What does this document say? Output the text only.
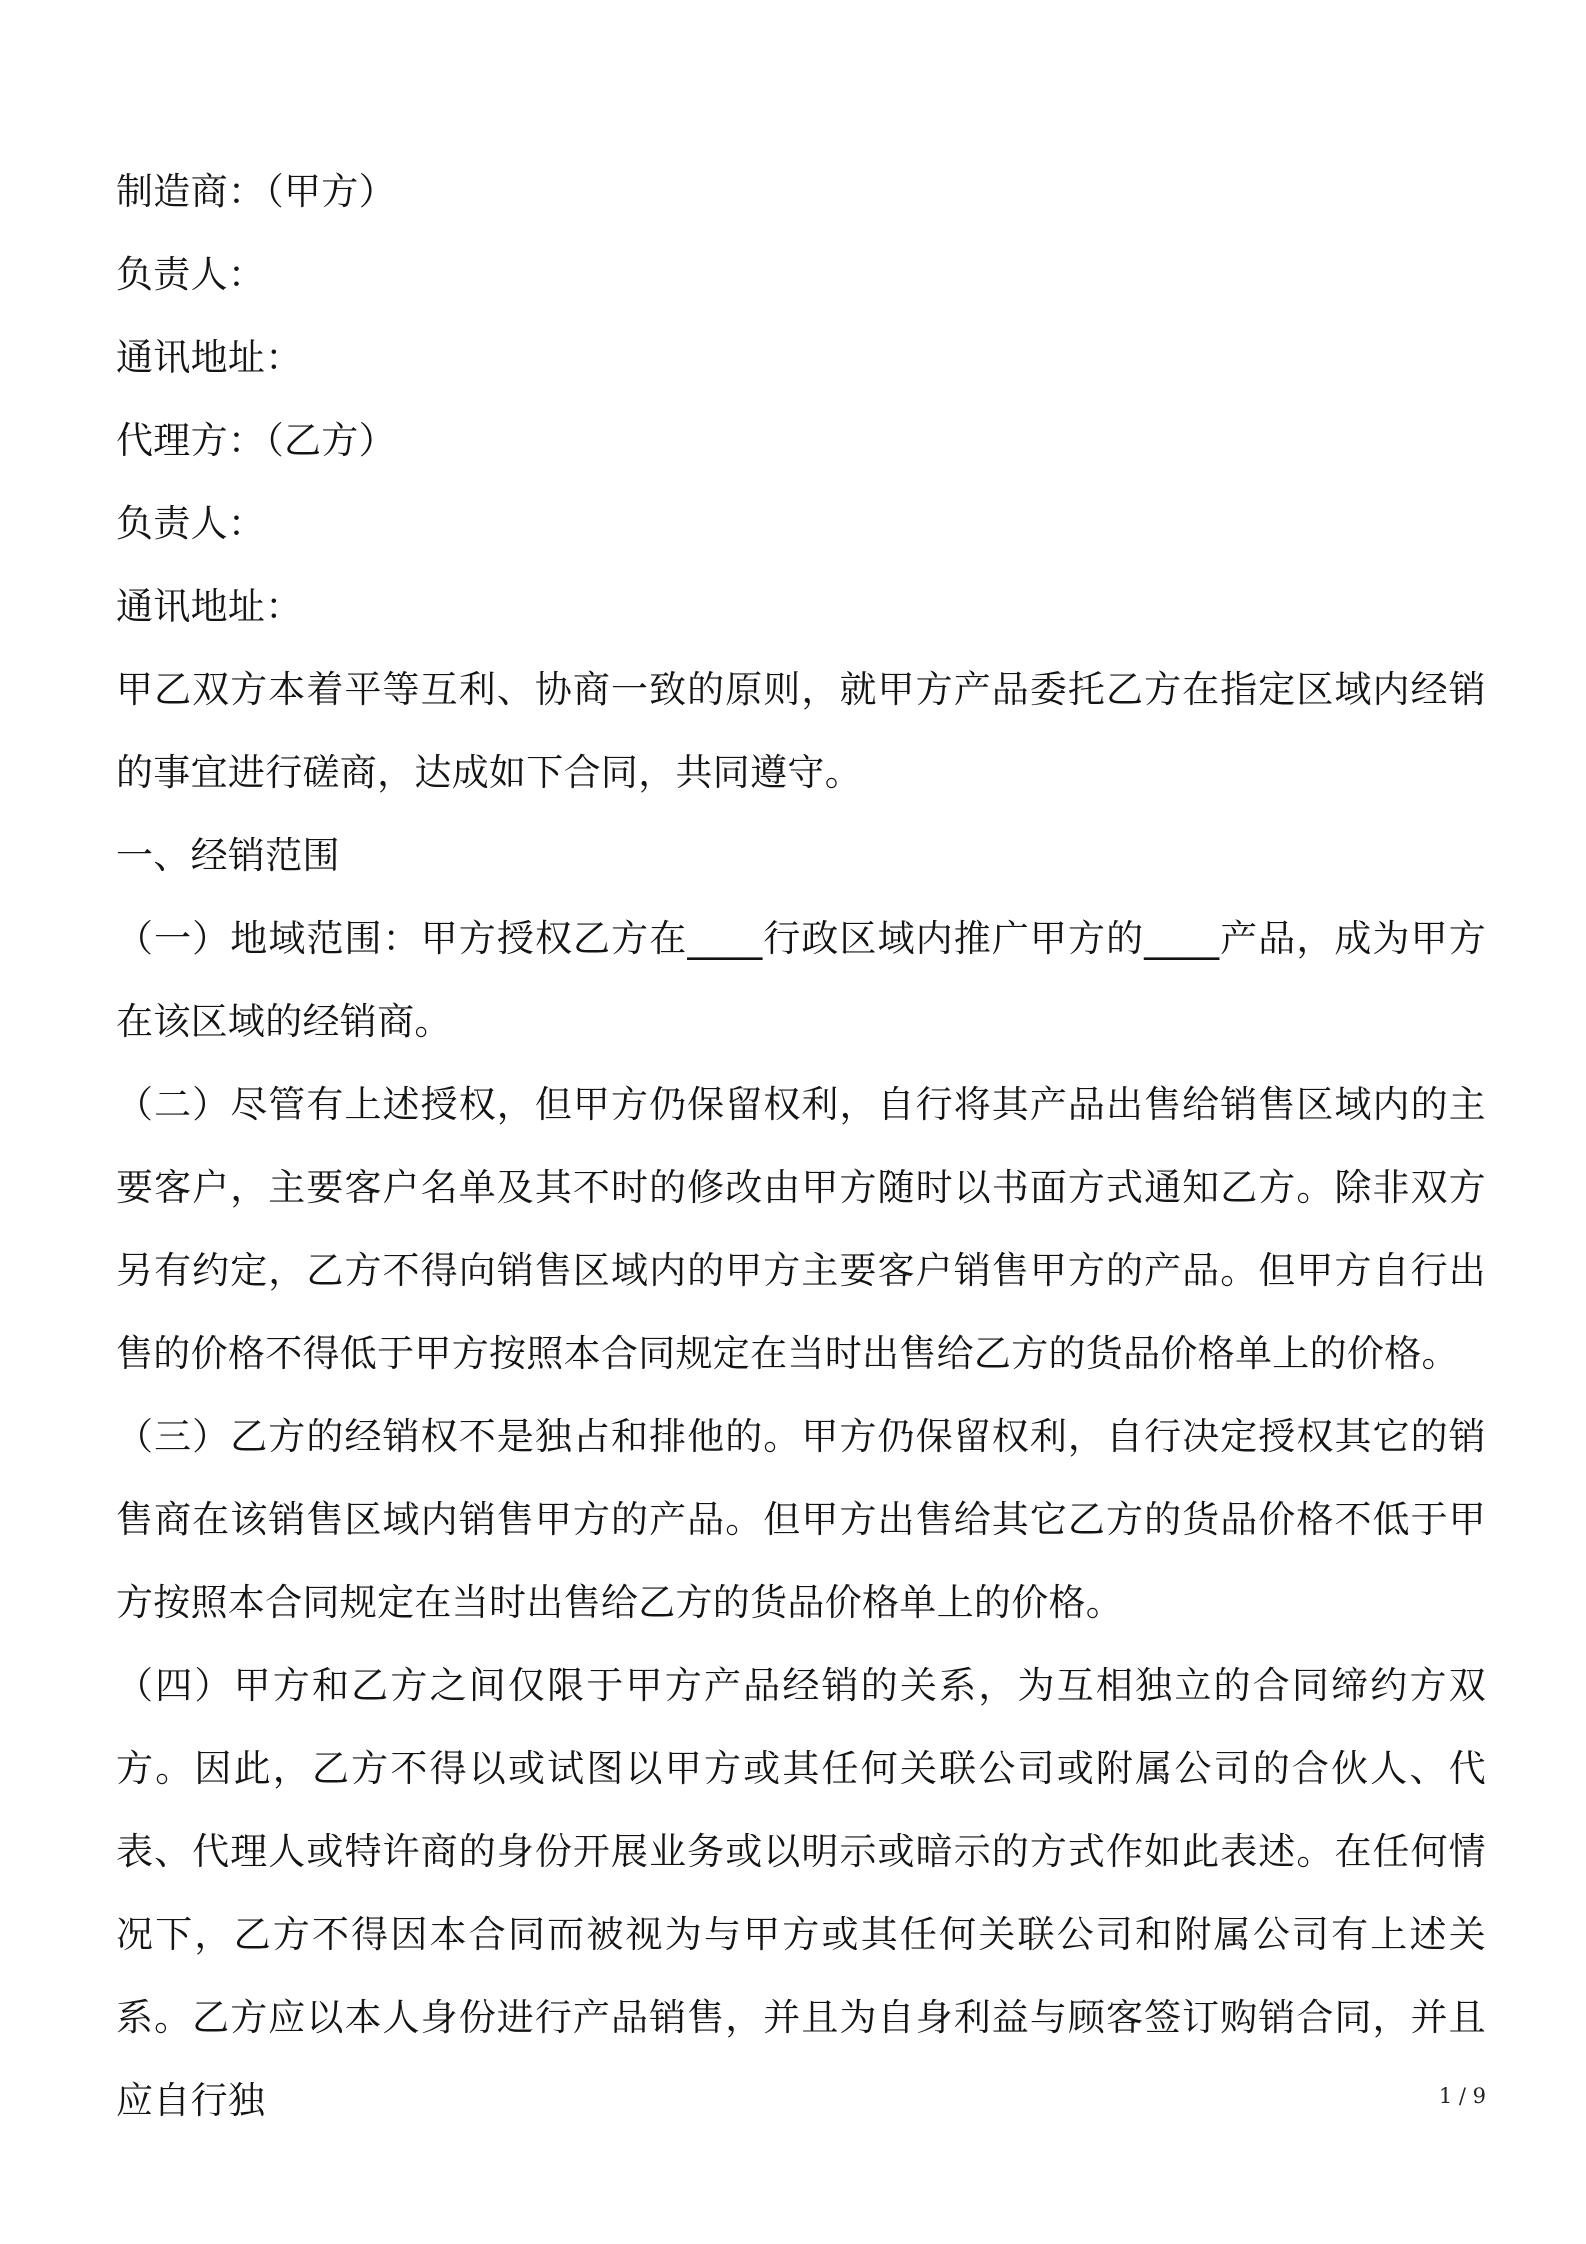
制造商：（甲方）
负责人：
通讯地址：
代理方：（乙方）
负责人：
通讯地址：

甲乙双方本着平等互利、协商一致的原则，就甲方产品委托乙方在指定区域内经销的事宜进行磋商，达成如下合同，共同遵守。

一、经销范围

（一）地域范围：甲方授权乙方在____行政区域内推广甲方的____产品，成为甲方在该区域的经销商。

（二）尽管有上述授权，但甲方仍保留权利，自行将其产品出售给销售区域内的主要客户，主要客户名单及其不时的修改由甲方随时以书面方式通知乙方。除非双方另有约定，乙方不得向销售区域内的甲方主要客户销售甲方的产品。但甲方自行出售的价格不得低于甲方按照本合同规定在当时出售给乙方的货品价格单上的价格。

（三）乙方的经销权不是独占和排他的。甲方仍保留权利，自行决定授权其它的销售商在该销售区域内销售甲方的产品。但甲方出售给其它乙方的货品价格不低于甲方按照本合同规定在当时出售给乙方的货品价格单上的价格。

（四）甲方和乙方之间仅限于甲方产品经销的关系，为互相独立的合同缔约方双方。因此，乙方不得以或试图以甲方或其任何关联公司或附属公司的合伙人、代表、代理人或特许商的身份开展业务或以明示或暗示的方式作如此表述。在任何情况下，乙方不得因本合同而被视为与甲方或其任何关联公司和附属公司有上述关系。乙方应以本人身份进行产品销售，并且为自身利益与顾客签订购销合同，并且应自行独	1 / 9
